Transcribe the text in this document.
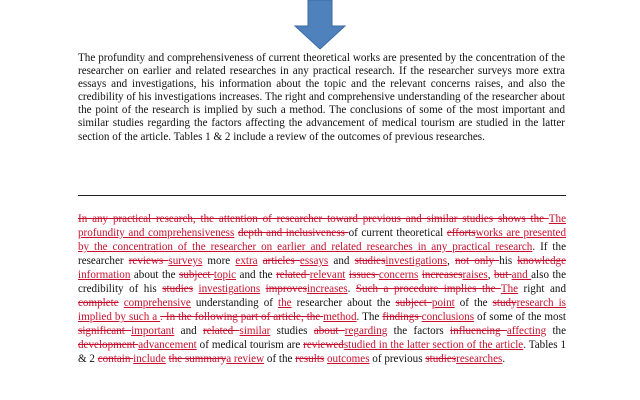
The profundity and comprehensiveness of current theoretical works are presented by the concentration of the researcher on earlier and related researches in any practical research. If the researcher surveys more extra essays and investigations, his information about the topic and the relevant concerns raises, and also the credibility of his investigations increases. The right and comprehensive understanding of the researcher about the point of the research is implied by such a method. The conclusions of some of the most important and similar studies regarding the factors affecting the advancement of medical tourism are studied in the latter section of the article. Tables 1 & 2 include a review of the outcomes of previous researches.

In any practical research, the attention of researcher toward previous and similar studies shows the The profundity and comprehensiveness depth and inclusiveness of current theoretical effortsworks are presented by the concentration of the researcher on earlier and related researches in any practical research. If the researcher reviews surveys more extra articles essays and studiesinvestigations, not only his knowledge information about the subject topic and the related relevant issues concerns increasesraises, but and also the credibility of his studies investigations improvesincreases. Such a procedure implies the The right and complete comprehensive understanding of the researcher about the subject point of the studyresearch is implied by such a . In the following part of article, the method. The findings conclusions of some of the most significant important and related similar studies about regarding the factors influencing affecting the development advancement of medical tourism are reviewedstudied in the latter section of the article. Tables 1 & 2 contain include the summarya review of the results outcomes of previous studiesresearches.
